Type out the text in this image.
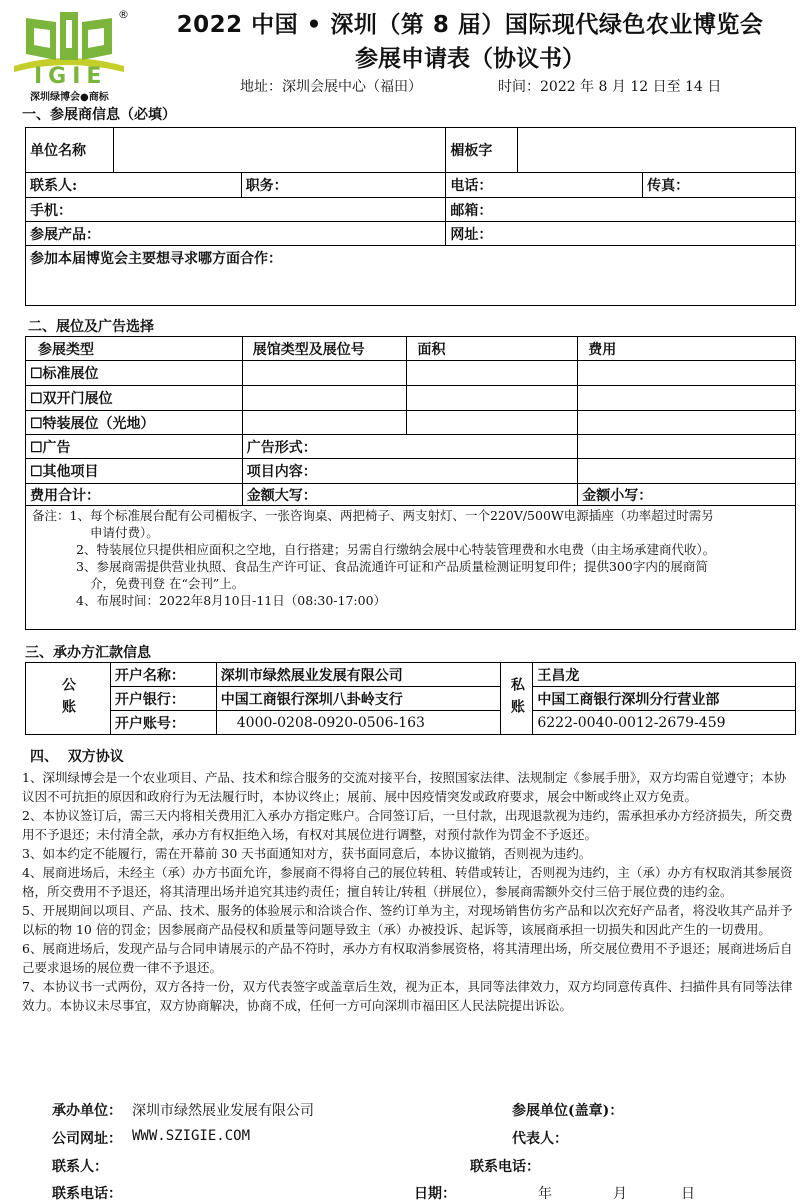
®
IGIE
深圳绿博会●商标
2022 中国 • 深圳（第 8 届）国际现代绿色农业博览会
参展申请表（协议书）
地址：深圳会展中心（福田）	时间：2022 年 8 月 12 日至 14 日
一、参展商信息（必填）
单位名称			楣板字		
联系人:		职务：	电话：		传真：
手机：			邮箱：		
参展产品：			网址：		
参加本届博览会主要想寻求哪方面合作：					
二、展位及广告选择
参展类型	展馆类型及展位号	面积	费用
☐标准展位			
☐双开门展位			
☐特装展位（光地）			
☐广告	广告形式：		
☐其他项目	项目内容：		
费用合计：	金额大写：		金额小写：

备注：1、每个标准展台配有公司楣板字、一张咨询桌、两把椅子、两支射灯、一个220V/500W电源插座（功率超过时需另

申请付费）。

2、特装展位只提供相应面积之空地，自行搭建；另需自行缴纳会展中心特装管理费和水电费（由主场承建商代收）。

3、参展商需提供营业执照、食品生产许可证、食品流通许可证和产品质量检测证明复印件；提供300字内的展商简

介，免费刊登 在“会刊”上。

4、布展时间：2022年8月10日-11日（08:30-17:00）

三、承办方汇款信息
公账	开户名称：	深圳市绿然展业发展有限公司	私账	王昌龙
	开户银行：	中国工商银行深圳八卦岭支行		中国工商银行深圳分行营业部
	开户账号：	4000-0208-0920-0506-163		6222-0040-0012-2679-459
四、  双方协议

1、深圳绿博会是一个农业项目、产品、技术和综合服务的交流对接平台，按照国家法律、法规制定《参展手册》，双方均需自觉遵守；本协议因不可抗拒的原因和政府行为无法履行时，本协议终止；展前、展中因疫情突发或政府要求，展会中断或终止双方免责。

2、本协议签订后，需三天内将相关费用汇入承办方指定账户。合同签订后，一旦付款，出现退款视为违约，需承担承办方经济损失，所交费用不予退还；未付清全款，承办方有权拒绝入场，有权对其展位进行调整，对预付款作为罚金不予返还。

3、如本约定不能履行，需在开幕前 30 天书面通知对方，获书面同意后，本协议撤销，否则视为违约。

4、展商进场后，未经主（承）办方书面允许，参展商不得将自己的展位转租、转借或转让，否则视为违约，主（承）办方有权取消其参展资格，所交费用不予退还，将其清理出场并追究其违约责任；擅自转让/转租（拼展位），参展商需额外交付三倍于展位费的违约金。

5、开展期间以项目、产品、技术、服务的体验展示和洽谈合作、签约订单为主，对现场销售仿劣产品和以次充好产品者，将没收其产品并予以标的物 10 倍的罚金；因参展商产品侵权和质量等问题导致主（承）办被投诉、起诉等，该展商承担一切损失和因此产生的一切费用。

6、展商进场后，发现产品与合同申请展示的产品不符时，承办方有权取消参展资格，将其清理出场，所交展位费用不予退还；展商进场后自己要求退场的展位费一律不予退还。

7、本协议书一式两份，双方各持一份，双方代表签字或盖章后生效，视为正本，具同等法律效力，双方均同意传真件、扫描件具有同等法律效力。本协议未尽事宜，双方协商解决，协商不成，任何一方可向深圳市福田区人民法院提出诉讼。

承办单位： 深圳市绿然展业发展有限公司	参展单位(盖章)：
公司网址： WWW.SZIGIE.COM	代表人：
联系人：	联系电话：
联系电话：	日期：	年	月	日
